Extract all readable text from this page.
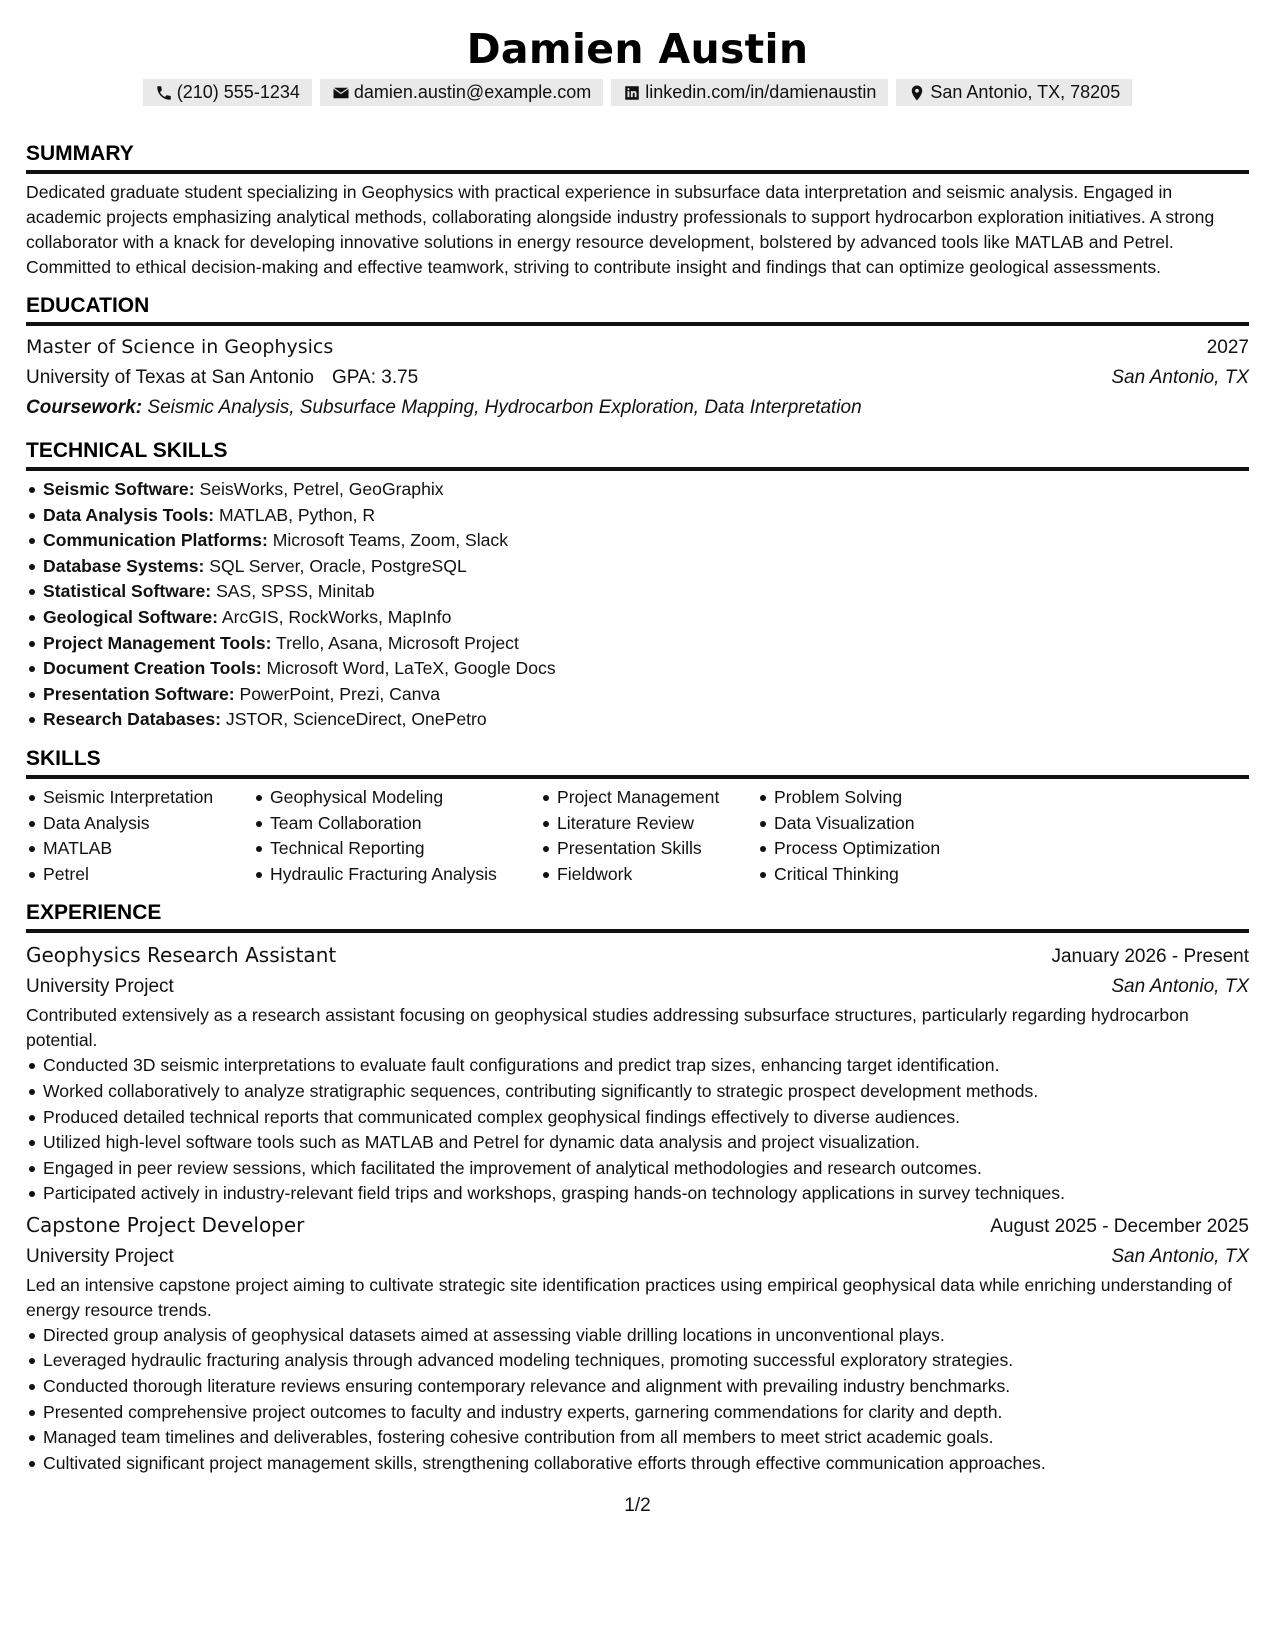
Damien Austin
(210) 555-1234	damien.austin@example.com	linkedin.com/in/damienaustin	San Antonio, TX, 78205
SUMMARY

Dedicated graduate student specializing in Geophysics with practical experience in subsurface data interpretation and seismic analysis. Engaged in academic projects emphasizing analytical methods, collaborating alongside industry professionals to support hydrocarbon exploration initiatives. A strong collaborator with a knack for developing innovative solutions in energy resource development, bolstered by advanced tools like MATLAB and Petrel. Committed to ethical decision-making and effective teamwork, striving to contribute insight and findings that can optimize geological assessments.

EDUCATION
Master of Science in Geophysics	2027
University of Texas at San Antonio GPA: 3.75	San Antonio, TX
Coursework: Seismic Analysis, Subsurface Mapping, Hydrocarbon Exploration, Data Interpretation
TECHNICAL SKILLS
Seismic Software: SeisWorks, Petrel, GeoGraphix
Data Analysis Tools: MATLAB, Python, R
Communication Platforms: Microsoft Teams, Zoom, Slack
Database Systems: SQL Server, Oracle, PostgreSQL
Statistical Software: SAS, SPSS, Minitab
Geological Software: ArcGIS, RockWorks, MapInfo
Project Management Tools: Trello, Asana, Microsoft Project
Document Creation Tools: Microsoft Word, LaTeX, Google Docs
Presentation Software: PowerPoint, Prezi, Canva
Research Databases: JSTOR, ScienceDirect, OnePetro
SKILLS
Seismic Interpretation
Data Analysis
MATLAB
Petrel
Geophysical Modeling
Team Collaboration
Technical Reporting
Hydraulic Fracturing Analysis
Project Management
Literature Review
Presentation Skills
Fieldwork
Problem Solving
Data Visualization
Process Optimization
Critical Thinking
EXPERIENCE
Geophysics Research Assistant	January 2026 - Present
University Project	San Antonio, TX

Contributed extensively as a research assistant focusing on geophysical studies addressing subsurface structures, particularly regarding hydrocarbon potential.

Conducted 3D seismic interpretations to evaluate fault configurations and predict trap sizes, enhancing target identification.
Worked collaboratively to analyze stratigraphic sequences, contributing significantly to strategic prospect development methods.
Produced detailed technical reports that communicated complex geophysical findings effectively to diverse audiences.
Utilized high-level software tools such as MATLAB and Petrel for dynamic data analysis and project visualization.
Engaged in peer review sessions, which facilitated the improvement of analytical methodologies and research outcomes.
Participated actively in industry-relevant field trips and workshops, grasping hands-on technology applications in survey techniques.
Capstone Project Developer	August 2025 - December 2025
University Project	San Antonio, TX

Led an intensive capstone project aiming to cultivate strategic site identification practices using empirical geophysical data while enriching understanding of energy resource trends.

Directed group analysis of geophysical datasets aimed at assessing viable drilling locations in unconventional plays.
Leveraged hydraulic fracturing analysis through advanced modeling techniques, promoting successful exploratory strategies.
Conducted thorough literature reviews ensuring contemporary relevance and alignment with prevailing industry benchmarks.
Presented comprehensive project outcomes to faculty and industry experts, garnering commendations for clarity and depth.
Managed team timelines and deliverables, fostering cohesive contribution from all members to meet strict academic goals.
Cultivated significant project management skills, strengthening collaborative efforts through effective communication approaches.
1/2
